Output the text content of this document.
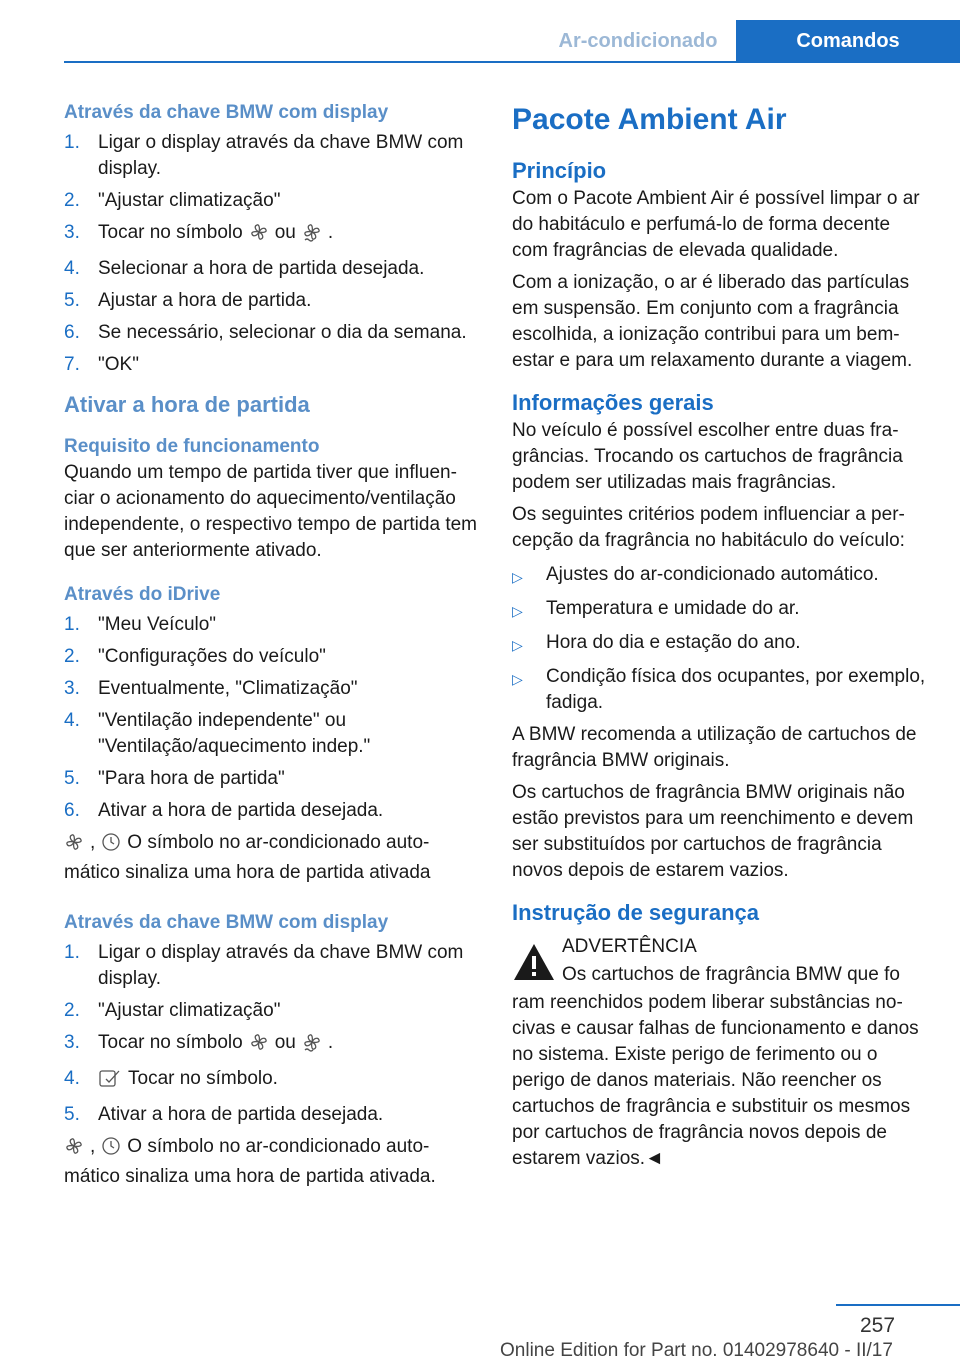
Ar-condicionado	Comandos

Através da chave BMW com display

1. Ligar o display através da chave BMW com display.
2. "Ajustar climatização"
3. Tocar no símbolo ou .
4. Selecionar a hora de partida desejada.
5. Ajustar a hora de partida.
6. Se necessário, selecionar o dia da semana.
7. "OK"
Ativar a hora de partida

Requisito de funcionamento

Quando um tempo de partida tiver que influenciar o acionamento do aquecimento/ventilação independente, o respectivo tempo de partida tem que ser anteriormente ativado.

Através do iDrive

1. "Meu Veículo"
2. "Configurações do veículo"
3. Eventualmente, "Climatização"
4. "Ventilação independente" ou "Ventilação/aquecimento indep."
5. "Para hora de partida"
6. Ativar a hora de partida desejada.

, O símbolo no ar-condicionado automático sinaliza uma hora de partida ativada

Através da chave BMW com display

1. Ligar o display através da chave BMW com display.
2. "Ajustar climatização"
3. Tocar no símbolo ou .
4.	Tocar no símbolo.
5. Ativar a hora de partida desejada.

, O símbolo no ar-condicionado automático sinaliza uma hora de partida ativada.

Pacote Ambient Air
Princípio

Com o Pacote Ambient Air é possível limpar o ar do habitáculo e perfumá-lo de forma decente com fragrâncias de elevada qualidade.

Com a ionização, o ar é liberado das partículas em suspensão. Em conjunto com a fragrância escolhida, a ionização contribui para um bem-estar e para um relaxamento durante a viagem.

Informações gerais

No veículo é possível escolher entre duas fragrâncias. Trocando os cartuchos de fragrância podem ser utilizadas mais fragrâncias.

Os seguintes critérios podem influenciar a percepção da fragrância no habitáculo do veículo:

▷	Ajustes do ar-condicionado automático.
▷	Temperatura e umidade do ar.
▷	Hora do dia e estação do ano.
▷	Condição física dos ocupantes, por exemplo, fadiga.

A BMW recomenda a utilização de cartuchos de fragrância BMW originais.

Os cartuchos de fragrância BMW originais não estão previstos para um reenchimento e devem ser substituídos por cartuchos de fragrância novos depois de estarem vazios.

Instrução de segurança

ADVERTÊNCIA

Os cartuchos de fragrância BMW que fo

ram reenchidos podem liberar substâncias nocivas e causar falhas de funcionamento e danos no sistema. Existe perigo de ferimento ou o perigo de danos materiais. Não reencher os cartuchos de fragrância e substituir os mesmos por cartuchos de fragrância novos depois de estarem vazios.◄

257
Online Edition for Part no. 01402978640 - II/17
